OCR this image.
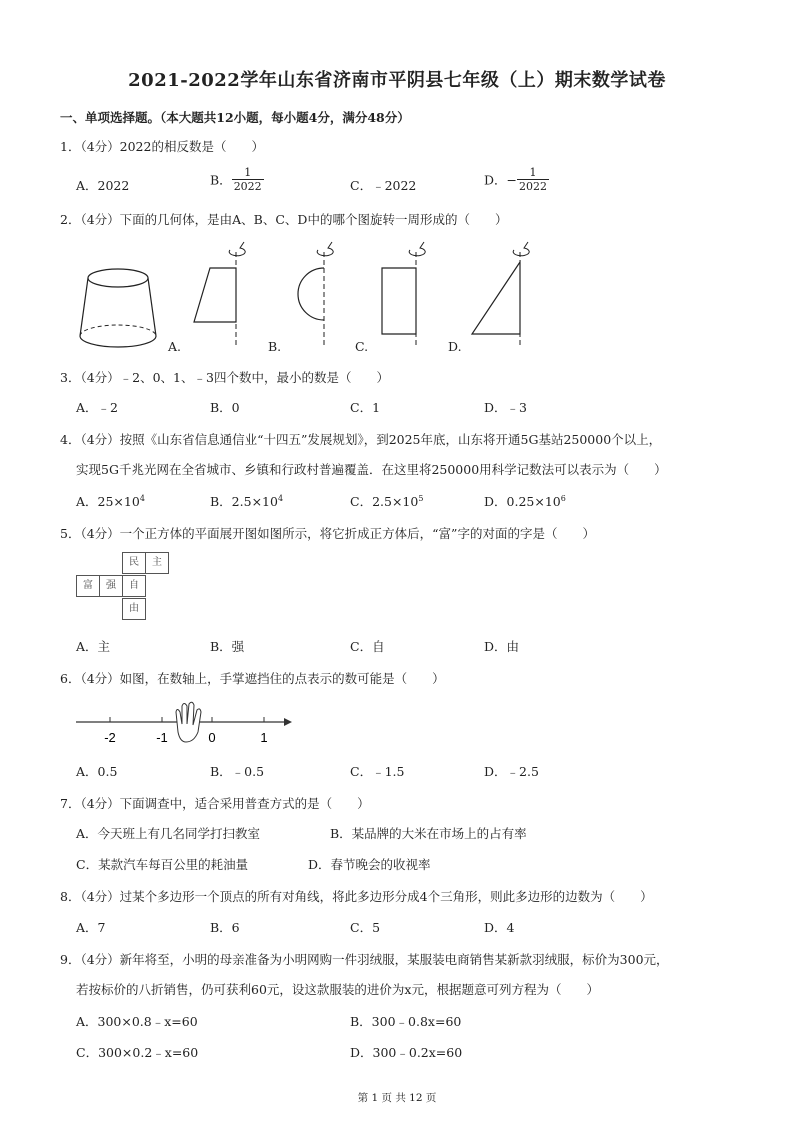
2021-2022学年山东省济南市平阴县七年级（上）期末数学试卷
一、单项选择题。（本大题共12小题，每小题4分，满分48分）
1．（4分）2022的相反数是（　　）
A．2022	B． $\frac{1}{2022}$	C．﹣2022	D．− $\frac{1}{2022}$
2．（4分）下面的几何体，是由A、B、C、D中的哪个图旋转一周形成的（　　）
A.	B.	C.	D.
3．（4分）﹣2、0、1、﹣3四个数中，最小的数是（　　）
A．﹣2	B．0	C．1	D．﹣3
4．（4分）按照《山东省信息通信业“十四五”发展规划》，到2025年底，山东将开通5G基站250000个以上，
实现5G千兆光网在全省城市、乡镇和行政村普遍覆盖．在这里将250000用科学记数法可以表示为（　　）
A．$25\times 10^4$	B．$2.5\times 10^4$	C．$2.5\times 10^5$	D．$0.25\times 10^6$
5．（4分）一个正方体的平面展开图如图所示，将它折成正方体后，“富”字的对面的字是（　　）
民	主
富	强	自
由
A．主	B．强	C．自	D．由
6．（4分）如图，在数轴上，手掌遮挡住的点表示的数可能是（　　）
-2	-1	0	1
A．0.5	B．﹣0.5	C．﹣1.5	D．﹣2.5
7．（4分）下面调查中，适合采用普查方式的是（　　）
A．今天班上有几名同学打扫教室	B．某品牌的大米在市场上的占有率
C．某款汽车每百公里的耗油量	D．春节晚会的收视率
8．（4分）过某个多边形一个顶点的所有对角线，将此多边形分成4个三角形，则此多边形的边数为（　　）
A．7	B．6	C．5	D．4
9．（4分）新年将至，小明的母亲准备为小明网购一件羽绒服，某服装电商销售某新款羽绒服，标价为300元，
若按标价的八折销售，仍可获利60元，设这款服装的进价为x元，根据题意可列方程为（　　）
A．300×0.8﹣x=60	B．300﹣0.8x=60
C．300×0.2﹣x=60	D．300﹣0.2x=60
第 1 页 共 12 页
